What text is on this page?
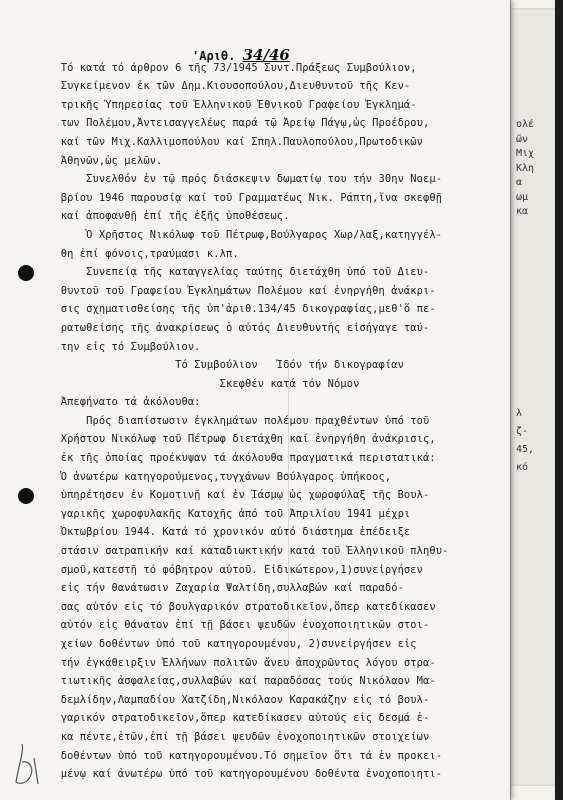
ολέ
ῶν
Μιχ
Κλη
α
ωμ
κα
λ
ζ-
45,
κό
'Αριθ. 34/46
Τό κατά τό άρθρον 6 τῆς 73/1945 Συντ.Πράξεως Συμβούλιον,
Συγκείμενον ἐκ τῶν Δημ.Κιουσοπούλου,Διευθυντοῦ τῆς Κεν-
τρικῆς Ὑπηρεσίας τοῦ Ἑλληνικοῦ Ἐθνικοῦ Γραφείου Ἐγκλημά-
των Πολέμου,Ἀντεισαγγελέως παρά τῷ Ἀρείῳ Πάγῳ,ὡς Προέδρου,
καί τῶν Μιχ.Καλλιμοπούλου καί Σπηλ.Παυλοπούλου,Πρωτοδικῶν
Ἀθηνῶν,ὡς μελῶν.
Συνελθόν ἐν τῷ πρός διάσκεψιν δωματίῳ του τήν 30ην Νοεμ-
βρίου 1946 παρουσίᾳ καί τοῦ Γραμματέως Νικ. Ράπτη,ἵνα σκεφθῇ
καί ἀποφανθῇ ἐπί τῆς ἑξῆς ὑποθέσεως.
Ὁ Χρῆστος Νικόλωφ τοῦ Πέτρωφ,Βούλγαρος Χωρ/λαξ,κατηγγέλ-
θη ἐπί φόνοις,τραύμασι κ.λπ.
Συνεπείᾳ τῆς καταγγελίας ταύτης διετάχθη ὑπό τοῦ Διευ-
θυντοῦ τοῦ Γραφείου Ἐγκλημάτων Πολέμου καί ἐνηργήθη ἀνάκρι-
σις σχηματισθείσης τῆς ὑπ'ἀριθ.134/45 δικογραφίας,μεθ'ὅ πε-
ρατωθείσης τῆς ἀνακρίσεως ὁ αὐτός Διευθυντής εἰσήγαγε ταύ-
την εἰς τό Συμβούλιον.
Τό Συμβούλιον   Ἰδόν τήν δικογραφίαν
Σκεφθέν κατά τόν Νόμον
Ἀπεφήνατο τά ἀκόλουθα:
Πρός διαπίστωσιν ἐγκλημάτων πολέμου πραχθέντων ὑπό τοῦ
Χρήστου Νικόλωφ τοῦ Πέτρωφ διετάχθη καί ἐνηργήθη ἀνάκρισις,
ἐκ τῆς ὁποίας προέκυψαν τά ἀκόλουθα πραγματικά περιστατικά:
Ὁ ἀνωτέρω κατηγορούμενος,τυγχάνων Βούλγαρος ὑπήκοος,
ὑπηρέτησεν ἐν Κομοτινῇ καί ἐν Ἰάσμῳ ὡς χωροφύλαξ τῆς Βουλ-
γαρικῆς χωροφυλακῆς Κατοχῆς ἀπό τοῦ Ἀπριλίου 1941 μέχρι
Ὀκτωβρίου 1944. Κατά τό χρονικόν αὐτό διάστημα ἐπέδειξε
στάσιν σατραπικήν καί καταδιωκτικήν κατά τοῦ Ἑλληνικοῦ πληθυ-
σμοῦ,κατεστῆ τό φόβητρον αὐτοῦ. Εἰδικώτερον,1)συνεἰργήσεν
εἰς τήν θανάτωσιν Ζαχαρία Ψαλτίδη,συλλαβών καί παραδό-
σας αὐτόν εἰς τό βουλγαρικόν στρατοδικεῖον,ὅπερ κατεδίκασεν
αὐτόν εἰς θάνατον ἐπί τῇ βάσει ψευδῶν ἐνοχοποιητικῶν στοι-
χείων δοθέντων ὑπό τοῦ κατηγορουμένου, 2)συνεἰργήσεν εἰς
τήν ἐγκάθειρξιν Ἑλλήνων πολιτῶν ἄνευ ἀποχρῶντος λόγου στρα-
τιωτικῆς ἀσφαλείας,συλλαβών καί παραδόσας τούς Νικόλαον Μα-
δεμλίδην,Λαμπαδίου Χατζίδη,Νικόλαον Καρακάζην εἰς τό βουλ-
γαρικόν στρατοδικεῖον,ὅπερ κατεδίκασεν αὐτούς εἰς δεσμά ἐ-
κα πέντε,ἐτῶν,ἐπί τῇ βάσει ψευδῶν ἐνοχοποιητικῶν στοιχείων
δοθέντων ὑπό τοῦ κατηγορουμένου.Τό σημεῖον ὅτι τά ἐν προκει-
μένῳ καί ἀνωτέρω ὑπό τοῦ κατηγορουμένου δοθέντα ἐνοχοποιητι-
